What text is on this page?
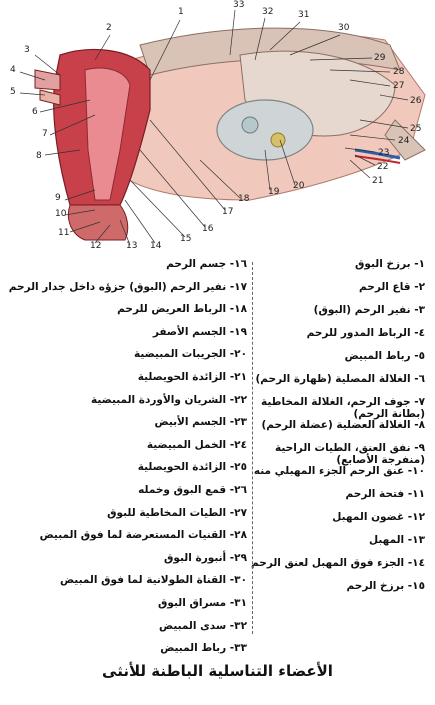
1
2
3
4
5
6
7
8
9
10
11
12	13 14
15
16
17
18
19
20	21
22
23
24
25
26
27
28
29
30
31
32
33
١- برزخ البوق
٢- قاع الرحم
٣- نفير الرحم (البوق)
٤- الرباط المدور للرحم
٥- رباط المبيض
٦- الغلالة المصلية (ظهارة الرحم)
٧- جوف الرحم، الغلالة المخاطية (بطانة الرحم)
٨- الغلالة العضلية (عضلة الرحم)
٩- نفق العنق، الطيات الراحية (منفرجة الأصابع)
١٠- عنق الرحم الجزء المهبلي منه
١١- فتحة الرحم
١٢- غضون المهبل
١٣- المهبل
١٤- الجزء فوق المهبل لعنق الرحم
١٥- برزخ الرحم
١٦- جسم الرحم
١٧- نفير الرحم (البوق) جزؤه داخل جدار الرحم
١٨- الرباط العريض للرحم
١٩- الجسم الأصفر
٢٠- الجريبات المبيضية
٢١- الزائدة الحويصلية
٢٢- الشريان والأوردة المبيضية
٢٣- الجسم الأبيض
٢٤- الخمل المبيضية
٢٥- الزائدة الحويصلية
٢٦- قمع البوق وخمله
٢٧- الطيات المخاطية للبوق
٢٨- القنيات المستعرضة لما فوق المبيض
٢٩- أنبورة البوق
٣٠- القناة الطولانية لما فوق المبيض
٣١- مسراق البوق
٣٢- سدى المبيض
٣٣- رباط المبيض
الأعضاء التناسلية الباطنة للأنثى
